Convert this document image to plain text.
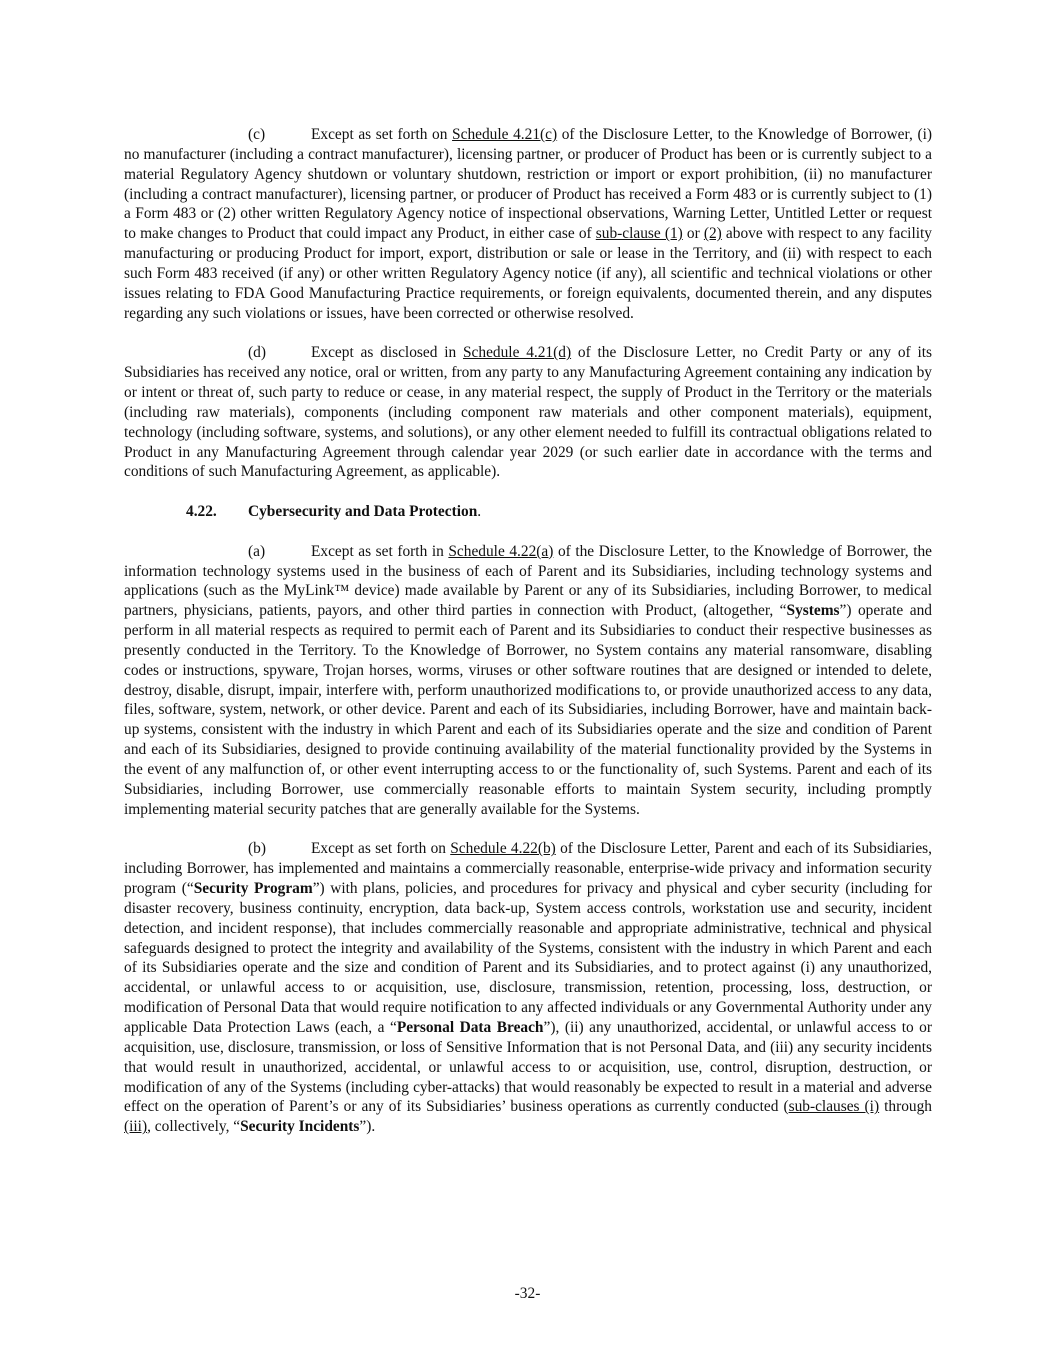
(c)	Except as set forth on Schedule 4.21(c) of the Disclosure Letter, to the Knowledge of Borrower, (i) no manufacturer (including a contract manufacturer), licensing partner, or producer of Product has been or is currently subject to a material Regulatory Agency shutdown or voluntary shutdown, restriction or import or export prohibition, (ii) no manufacturer (including a contract manufacturer), licensing partner, or producer of Product has received a Form 483 or is currently subject to (1) a Form 483 or (2) other written Regulatory Agency notice of inspectional observations, Warning Letter, Untitled Letter or request to make changes to Product that could impact any Product, in either case of sub-clause (1) or (2) above with respect to any facility manufacturing or producing Product for import, export, distribution or sale or lease in the Territory, and (ii) with respect to each such Form 483 received (if any) or other written Regulatory Agency notice (if any), all scientific and technical violations or other issues relating to FDA Good Manufacturing Practice requirements, or foreign equivalents, documented therein, and any disputes regarding any such violations or issues, have been corrected or otherwise resolved.

(d)	Except as disclosed in Schedule 4.21(d) of the Disclosure Letter, no Credit Party or any of its Subsidiaries has received any notice, oral or written, from any party to any Manufacturing Agreement containing any indication by or intent or threat of, such party to reduce or cease, in any material respect, the supply of Product in the Territory or the materials (including raw materials), components (including component raw materials and other component materials), equipment, technology (including software, systems, and solutions), or any other element needed to fulfill its contractual obligations related to Product in any Manufacturing Agreement through calendar year 2029 (or such earlier date in accordance with the terms and conditions of such Manufacturing Agreement, as applicable).

4.22. Cybersecurity and Data Protection.

(a)	Except as set forth in Schedule 4.22(a) of the Disclosure Letter, to the Knowledge of Borrower, the information technology systems used in the business of each of Parent and its Subsidiaries, including technology systems and applications (such as the MyLink™ device) made available by Parent or any of its Subsidiaries, including Borrower, to medical partners, physicians, patients, payors, and other third parties in connection with Product, (altogether, “Systems”) operate and perform in all material respects as required to permit each of Parent and its Subsidiaries to conduct their respective businesses as presently conducted in the Territory. To the Knowledge of Borrower, no System contains any material ransomware, disabling codes or instructions, spyware, Trojan horses, worms, viruses or other software routines that are designed or intended to delete, destroy, disable, disrupt, impair, interfere with, perform unauthorized modifications to, or provide unauthorized access to any data, files, software, system, network, or other device. Parent and each of its Subsidiaries, including Borrower, have and maintain back-up systems, consistent with the industry in which Parent and each of its Subsidiaries operate and the size and condition of Parent and each of its Subsidiaries, designed to provide continuing availability of the material functionality provided by the Systems in the event of any malfunction of, or other event interrupting access to or the functionality of, such Systems. Parent and each of its Subsidiaries, including Borrower, use commercially reasonable efforts to maintain System security, including promptly implementing material security patches that are generally available for the Systems.

(b)	Except as set forth on Schedule 4.22(b) of the Disclosure Letter, Parent and each of its Subsidiaries, including Borrower, has implemented and maintains a commercially reasonable, enterprise-wide privacy and information security program (“Security Program”) with plans, policies, and procedures for privacy and physical and cyber security (including for disaster recovery, business continuity, encryption, data back-up, System access controls, workstation use and security, incident detection, and incident response), that includes commercially reasonable and appropriate administrative, technical and physical safeguards designed to protect the integrity and availability of the Systems, consistent with the industry in which Parent and each of its Subsidiaries operate and the size and condition of Parent and its Subsidiaries, and to protect against (i) any unauthorized, accidental, or unlawful access to or acquisition, use, disclosure, transmission, retention, processing, loss, destruction, or modification of Personal Data that would require notification to any affected individuals or any Governmental Authority under any applicable Data Protection Laws (each, a “Personal Data Breach”), (ii) any unauthorized, accidental, or unlawful access to or acquisition, use, disclosure, transmission, or loss of Sensitive Information that is not Personal Data, and (iii) any security incidents that would result in unauthorized, accidental, or unlawful access to or acquisition, use, control, disruption, destruction, or modification of any of the Systems (including cyber-attacks) that would reasonably be expected to result in a material and adverse effect on the operation of Parent’s or any of its Subsidiaries’ business operations as currently conducted (sub-clauses (i) through (iii), collectively, “Security Incidents”).

-32-
